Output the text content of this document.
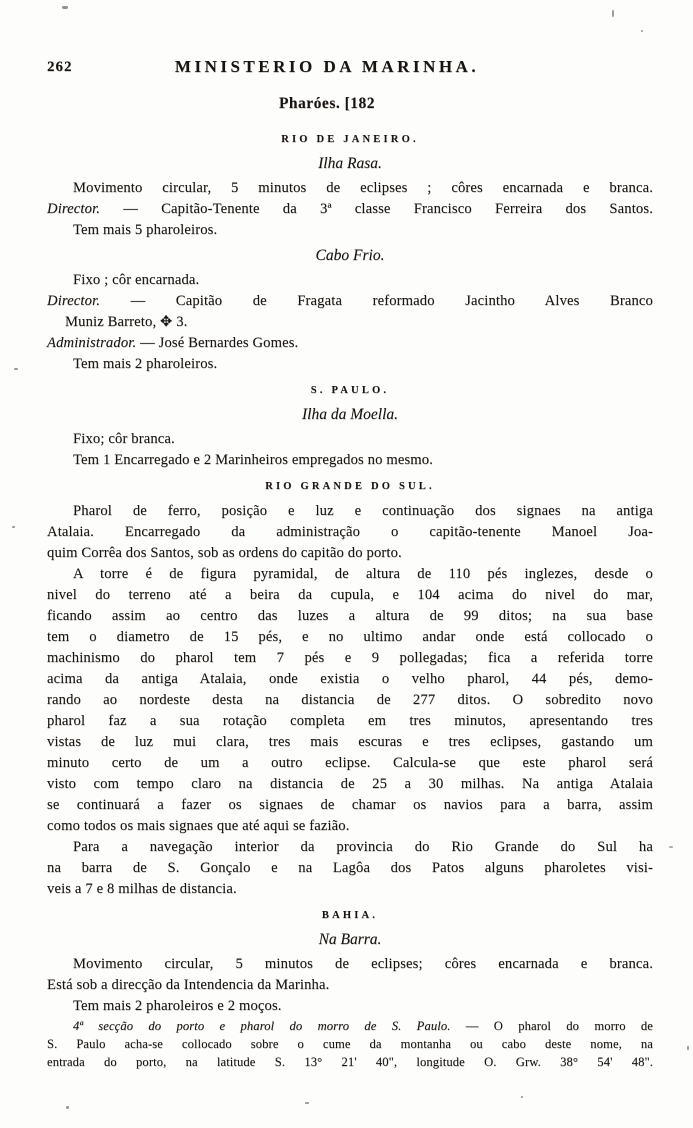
262	MINISTERIO DA MARINHA.
Pharóes. [182
RIO DE JANEIRO.
Ilha Rasa.
Movimento circular, 5 minutos de eclipses ; côres encarnada e branca.
Director. — Capitão-Tenente da 3ª classe Francisco Ferreira dos Santos.
Tem mais 5 pharoleiros.
Cabo Frio.
Fixo ; côr encarnada.
Director. — Capitão de Fragata reformado Jacintho Alves Branco
Muniz Barreto, ✥ 3.
Administrador. — José Bernardes Gomes.
Tem mais 2 pharoleiros.
S. PAULO.
Ilha da Moella.
Fixo; côr branca.
Tem 1 Encarregado e 2 Marinheiros empregados no mesmo.
RIO GRANDE DO SUL.
Pharol de ferro, posição e luz e continuação dos signaes na antiga
Atalaia. Encarregado da administração o capitão-tenente Manoel Joa-
quim Corrêa dos Santos, sob as ordens do capitão do porto.
A torre é de figura pyramidal, de altura de 110 pés inglezes, desde o
nivel do terreno até a beira da cupula, e 104 acima do nivel do mar,
ficando assim ao centro das luzes a altura de 99 ditos; na sua base
tem o diametro de 15 pés, e no ultimo andar onde está collocado o
machinismo do pharol tem 7 pés e 9 pollegadas; fica a referida torre
acima da antiga Atalaia, onde existia o velho pharol, 44 pés, demo-
rando ao nordeste desta na distancia de 277 ditos. O sobredito novo
pharol faz a sua rotação completa em tres minutos, apresentando tres
vistas de luz mui clara, tres mais escuras e tres eclipses, gastando um
minuto certo de um a outro eclipse. Calcula-se que este pharol será
visto com tempo claro na distancia de 25 a 30 milhas. Na antiga Atalaia
se continuará a fazer os signaes de chamar os navios para a barra, assim
como todos os mais signaes que até aqui se fazião.
Para a navegação interior da provincia do Rio Grande do Sul ha
na barra de S. Gonçalo e na Lagôa dos Patos alguns pharoletes visi-
veis a 7 e 8 milhas de distancia.
BAHIA.
Na Barra.
Movimento circular, 5 minutos de eclipses; côres encarnada e branca.
Está sob a direcção da Intendencia da Marinha.
Tem mais 2 pharoleiros e 2 moços.
4ª secção do porto e pharol do morro de S. Paulo. — O pharol do morro de
S. Paulo acha-se collocado sobre o cume da montanha ou cabo deste nome, na
entrada do porto, na latitude S. 13° 21' 40", longitude O. Grw. 38° 54' 48".
